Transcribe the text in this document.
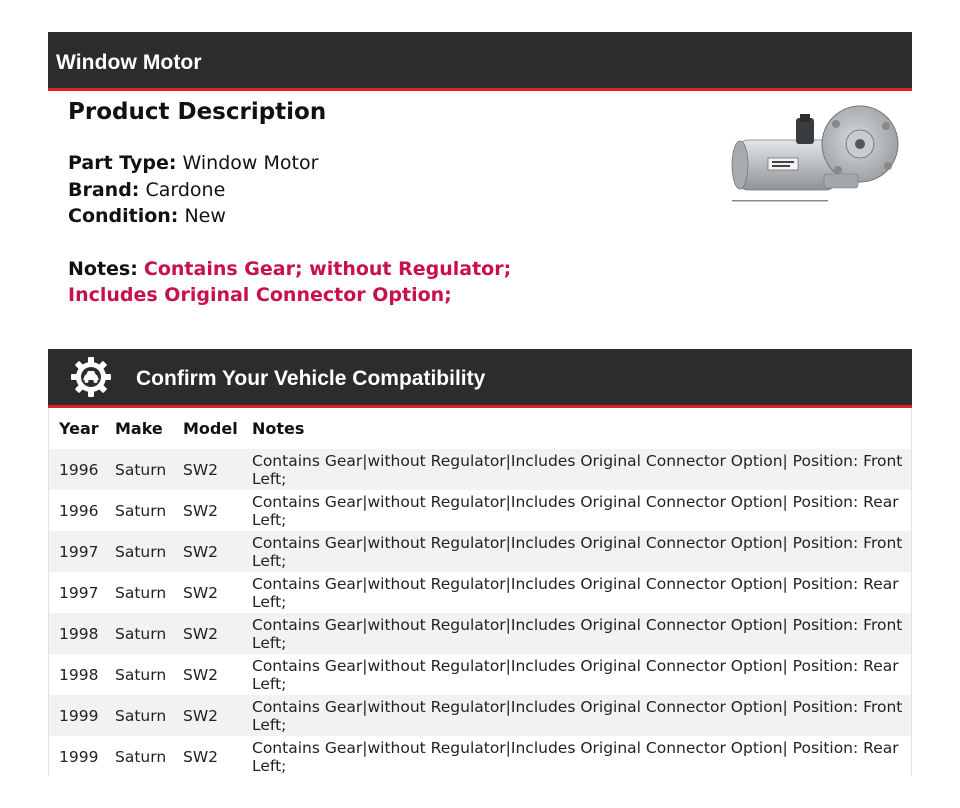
Window Motor
Product Description
Part Type: Window Motor
Brand: Cardone
Condition: New
Notes: Contains Gear; without Regulator;
Includes Original Connector Option;
Confirm Your Vehicle Compatibility
Year	Make	Model	Notes
1996	Saturn	SW2	Contains Gear|without Regulator|Includes Original Connector Option| Position: Front Left;
1996	Saturn	SW2	Contains Gear|without Regulator|Includes Original Connector Option| Position: Rear Left;
1997	Saturn	SW2	Contains Gear|without Regulator|Includes Original Connector Option| Position: Front Left;
1997	Saturn	SW2	Contains Gear|without Regulator|Includes Original Connector Option| Position: Rear Left;
1998	Saturn	SW2	Contains Gear|without Regulator|Includes Original Connector Option| Position: Front Left;
1998	Saturn	SW2	Contains Gear|without Regulator|Includes Original Connector Option| Position: Rear Left;
1999	Saturn	SW2	Contains Gear|without Regulator|Includes Original Connector Option| Position: Front Left;
1999	Saturn	SW2	Contains Gear|without Regulator|Includes Original Connector Option| Position: Rear Left;
